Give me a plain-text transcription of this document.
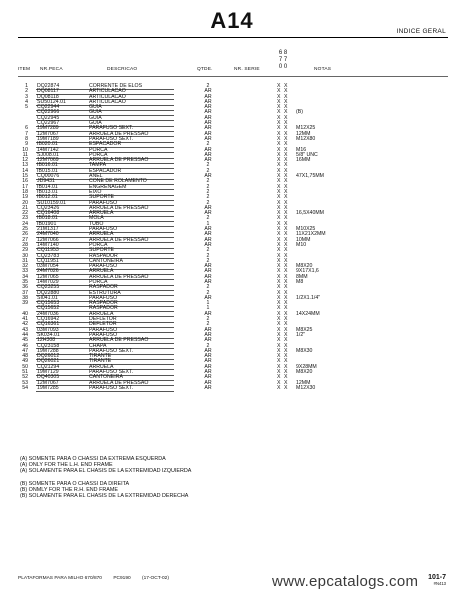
A14	INDICE GERAL
6 8
7 7
0 0
ITEM NR.PECA	DESCRICAO	QTDE.	NR. SERIE	NOTAS
1 DQ22874	CORRENTE DE ELOS	2	X X
2 DQ08117	ARTICULACAO	AR	X X
3 DQ08118	ARTICULACAO	AR	X X
4 SU50124.01	ARTICULACAO	AR	X X
5 CQ22944	GUIA	AR	X X
CQ22966	GUIA	AR	X X (B)
CQ22945	GUIA	AR	X X
CQ22967	GUIA	AR	X X
6 19M7289	PARAFUSO SEXT.	AR	X X M12X25
7 12M7067	ARRUELA DE PRESSAO	AR	X X 12MM
8 19M7189	PARAFUSO SEXT.	AR	X X M12X80
9 IB020.01	ESPACADOR	2	X X
10 14M7142	PORCA	AR	X X M16
11 SJ008.01	PORCA	AR	X X 5/8" UNC
12 12M7069	ARRUELA DE PRESSAO	AR	X X 16MM
13 IB016.01	TAMPA	2	X X
14 IB015.01	ESPACADOR	2	X X
15 CQ00076	ANEL	AR	X X 47X1,75MM
16 JD9431	CONE DE ROLAMENTO	2	X X
17 IB014.01	ENGRENAGEM	2	X X
18 IB013.01	EIXO	2	X X
19 IB012.01	SUPORTE	2	X X
20 SU10159.01	PARAFUSO	2	X X
21 CQ23426	ARRUELA DE PRESSAO	AR	X X
22 CQ16408	ARRUELA	AR	X X 16,5X40MM
23 IB018.01	MOLA	2	X X
24 IB01901	TUBO	1	X X
25 21M1317	PARAFUSO	AR	X X M10X25
26 24M7040	ARRUELA	AR	X X 11X21X2MM
27 12M7066	ARRUELA DE PRESSAO	AR	X X 10MM
28 14M7140	PORCA	AR	X X M10
29 CQ11953	SUPORTE	2	X X
30 CQ23783	RASPADOR	2	X X
31 CQ11951	CANTONEIRA	2	X X
32 03M7054	PARAFUSO	AR	X X M8X20
33 24M7026	ARRUELA	AR	X X 9X17X1,6
34 12M7065	ARRUELA DE PRESSAO	AR	X X 8MM
35 14M7029	PORCA	AR	X X M8
36 CQ23255	RASPADOR	2	X X
37 DQ22880	ESTRUTURA	2	X X
38 SI041.01	PARAFUSO	AR	X X 1/2X1.1/4"
39 CQ15653	RASPADOR	1	X X
CQ15652	RASPADOR	1	X X
40 24M7036	ARRUELA	AR	X X 14X24MM
41 CQ16942	DEFLETOR	2	X X
42 CQ16361	DEFLETOR	2	X X
43 03M7093	PARAFUSO	AR	X X M8X25
44 SK034.01	PARAFUSO	AR	X X 1/2"
45 12H308	ARRUELA DE PRESSAO	AR	X X
46 CQ23158	CHAPA	2	X X
47 19M7288	PARAFUSO SEXT.	AR	X X M8X30
48 DQ26012	TIRANTE	AR	X X
49 DQ26021	TIRANTE	AR	X X
50 CQ21294	ARRUELA	AR	X X 9X28MM
51 19M7129	PARAFUSO SEXT.	AR	X X M8X20
52 DQ40305	CANTONEIRA	AR	X X
53 12M7067	ARRUELA DE PRESSAO	AR	X X 12MM
54 19M7285	PARAFUSO SEXT.	AR	X X M12X30
(A) SOMENTE PARA O CHASSI DA EXTREMA ESQUERDA
(A) ONLY FOR THE L.H. END FRAME
(A) SOLAMENTE PARA EL CHASIS DE LA EXTREMIDAD IZQUIERDA
(B) SOMENTE PARA O CHASSI DA DIREITA
(B) ONMLY FOR THE R.H. END FRAME
(B) SOLAMENTE PARA EL CHASIS DE LA EXTREMIDAD DERECHA
PLATAFORMAS PARA MILHO 670/870 PC9190 (17-OCT-02)	www.epcatalogs.com 101-7
#N413
